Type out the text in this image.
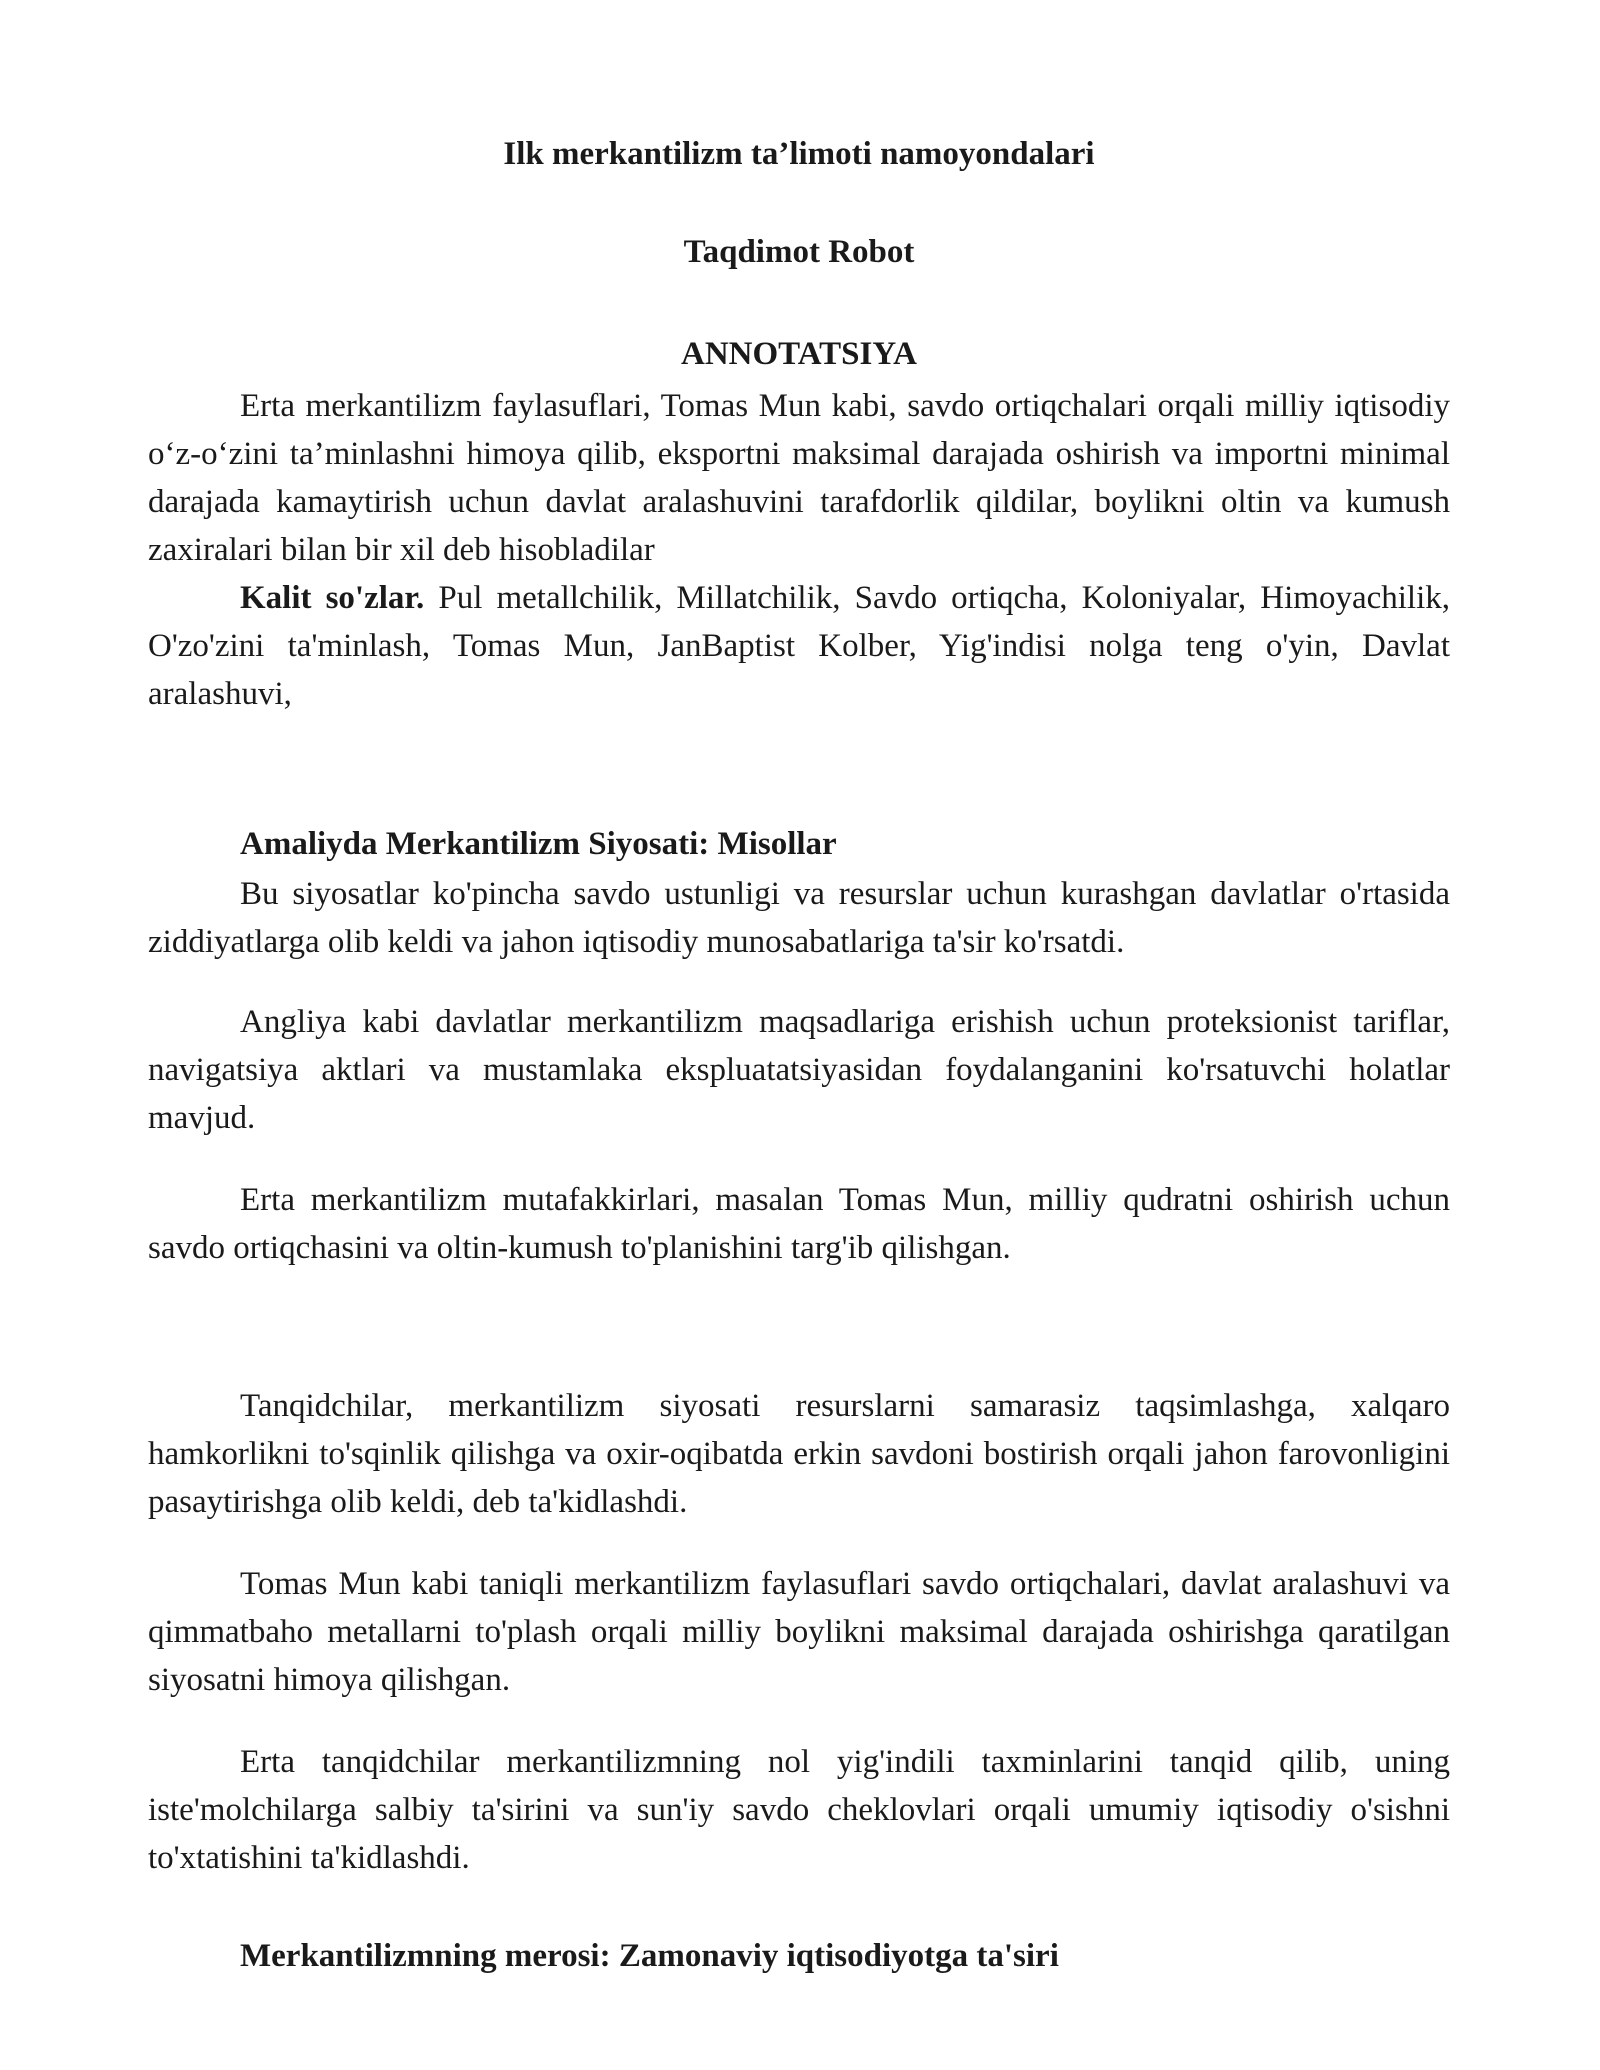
Ilk merkantilizm ta’limoti namoyondalari
Taqdimot Robot
ANNOTATSIYA

Erta merkantilizm faylasuflari, Tomas Mun kabi, savdo ortiqchalari orqali milliy iqtisodiy o‘z-o‘zini ta’minlashni himoya qilib, eksportni maksimal darajada oshirish va importni minimal darajada kamaytirish uchun davlat aralashuvini tarafdorlik qildilar, boylikni oltin va kumush zaxiralari bilan bir xil deb hisobladilar

Kalit so'zlar. Pul metallchilik, Millatchilik, Savdo ortiqcha, Koloniyalar, Himoyachilik, O'zo'zini ta'minlash, Tomas Mun, JanBaptist Kolber, Yig'indisi nolga teng o'yin, Davlat aralashuvi,

Amaliyda Merkantilizm Siyosati: Misollar

Bu siyosatlar ko'pincha savdo ustunligi va resurslar uchun kurashgan davlatlar o'rtasida ziddiyatlarga olib keldi va jahon iqtisodiy munosabatlariga ta'sir ko'rsatdi.

Angliya kabi davlatlar merkantilizm maqsadlariga erishish uchun proteksionist tariflar, navigatsiya aktlari va mustamlaka ekspluatatsiyasidan foydalanganini ko'rsatuvchi holatlar mavjud.

Erta merkantilizm mutafakkirlari, masalan Tomas Mun, milliy qudratni oshirish uchun savdo ortiqchasini va oltin-kumush to'planishini targ'ib qilishgan.

Tanqidchilar, merkantilizm siyosati resurslarni samarasiz taqsimlashga, xalqaro hamkorlikni to'sqinlik qilishga va oxir-oqibatda erkin savdoni bostirish orqali jahon farovonligini pasaytirishga olib keldi, deb ta'kidlashdi.

Tomas Mun kabi taniqli merkantilizm faylasuflari savdo ortiqchalari, davlat aralashuvi va qimmatbaho metallarni to'plash orqali milliy boylikni maksimal darajada oshirishga qaratilgan siyosatni himoya qilishgan.

Erta tanqidchilar merkantilizmning nol yig'indili taxminlarini tanqid qilib, uning iste'molchilarga salbiy ta'sirini va sun'iy savdo cheklovlari orqali umumiy iqtisodiy o'sishni to'xtatishini ta'kidlashdi.

Merkantilizmning merosi: Zamonaviy iqtisodiyotga ta'siri
